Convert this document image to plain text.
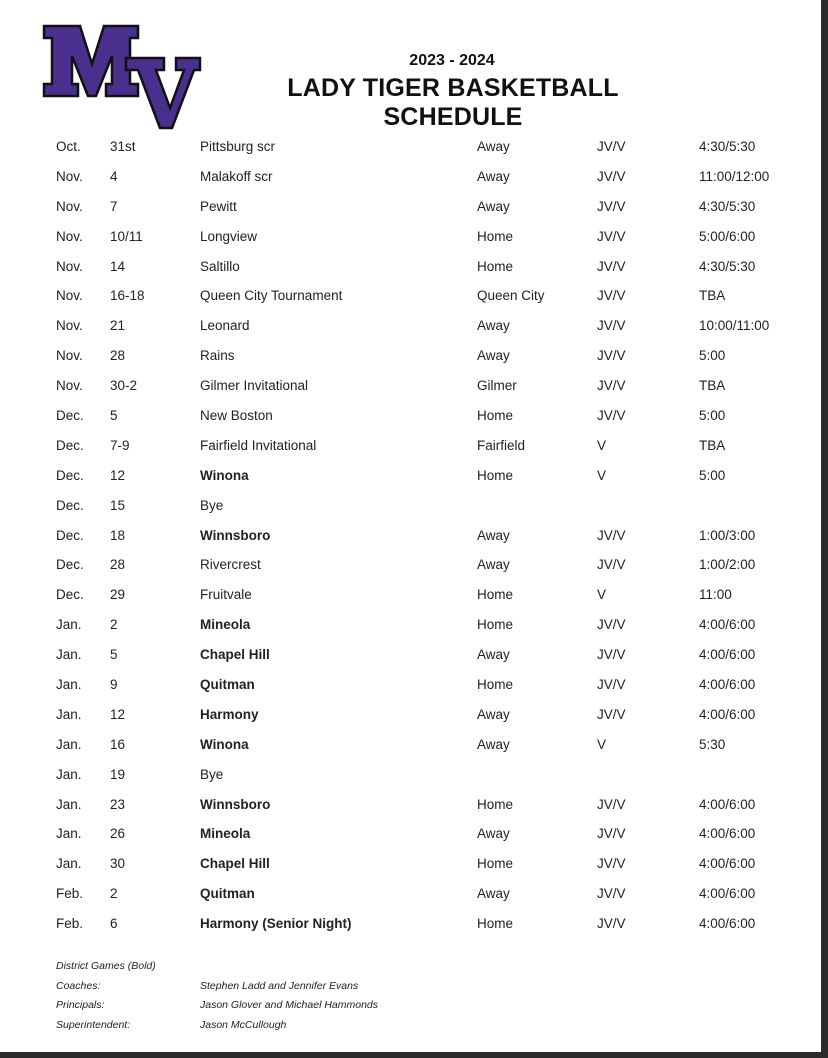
2023 - 2024
LADY TIGER BASKETBALL SCHEDULE
Oct. 31st	Pittsburg scr	Away	JV/V	4:30/5:30
Nov. 4	Malakoff scr	Away	JV/V	11:00/12:00
Nov. 7	Pewitt	Away	JV/V	4:30/5:30
Nov. 10/11	Longview	Home	JV/V	5:00/6:00
Nov. 14	Saltillo	Home	JV/V	4:30/5:30
Nov. 16-18	Queen City Tournament	Queen City	JV/V	TBA
Nov. 21	Leonard	Away	JV/V	10:00/11:00
Nov. 28	Rains	Away	JV/V	5:00
Nov. 30-2	Gilmer Invitational	Gilmer	JV/V	TBA
Dec. 5	New Boston	Home	JV/V	5:00
Dec. 7-9	Fairfield Invitational	Fairfield	V	TBA
Dec. 12	Winona	Home	V	5:00
Dec. 15	Bye
Dec. 18	Winnsboro	Away	JV/V	1:00/3:00
Dec. 28	Rivercrest	Away	JV/V	1:00/2:00
Dec. 29	Fruitvale	Home	V	11:00
Jan. 2	Mineola	Home	JV/V	4:00/6:00
Jan. 5	Chapel Hill	Away	JV/V	4:00/6:00
Jan. 9	Quitman	Home	JV/V	4:00/6:00
Jan. 12	Harmony	Away	JV/V	4:00/6:00
Jan. 16	Winona	Away	V	5:30
Jan. 19	Bye
Jan. 23	Winnsboro	Home	JV/V	4:00/6:00
Jan. 26	Mineola	Away	JV/V	4:00/6:00
Jan. 30	Chapel Hill	Home	JV/V	4:00/6:00
Feb. 2	Quitman	Away	JV/V	4:00/6:00
Feb. 6	Harmony (Senior Night)	Home	JV/V	4:00/6:00
District Games (Bold)
Coaches:	Stephen Ladd and Jennifer Evans
Principals:	Jason Glover and Michael Hammonds
Superintendent:	Jason McCullough
